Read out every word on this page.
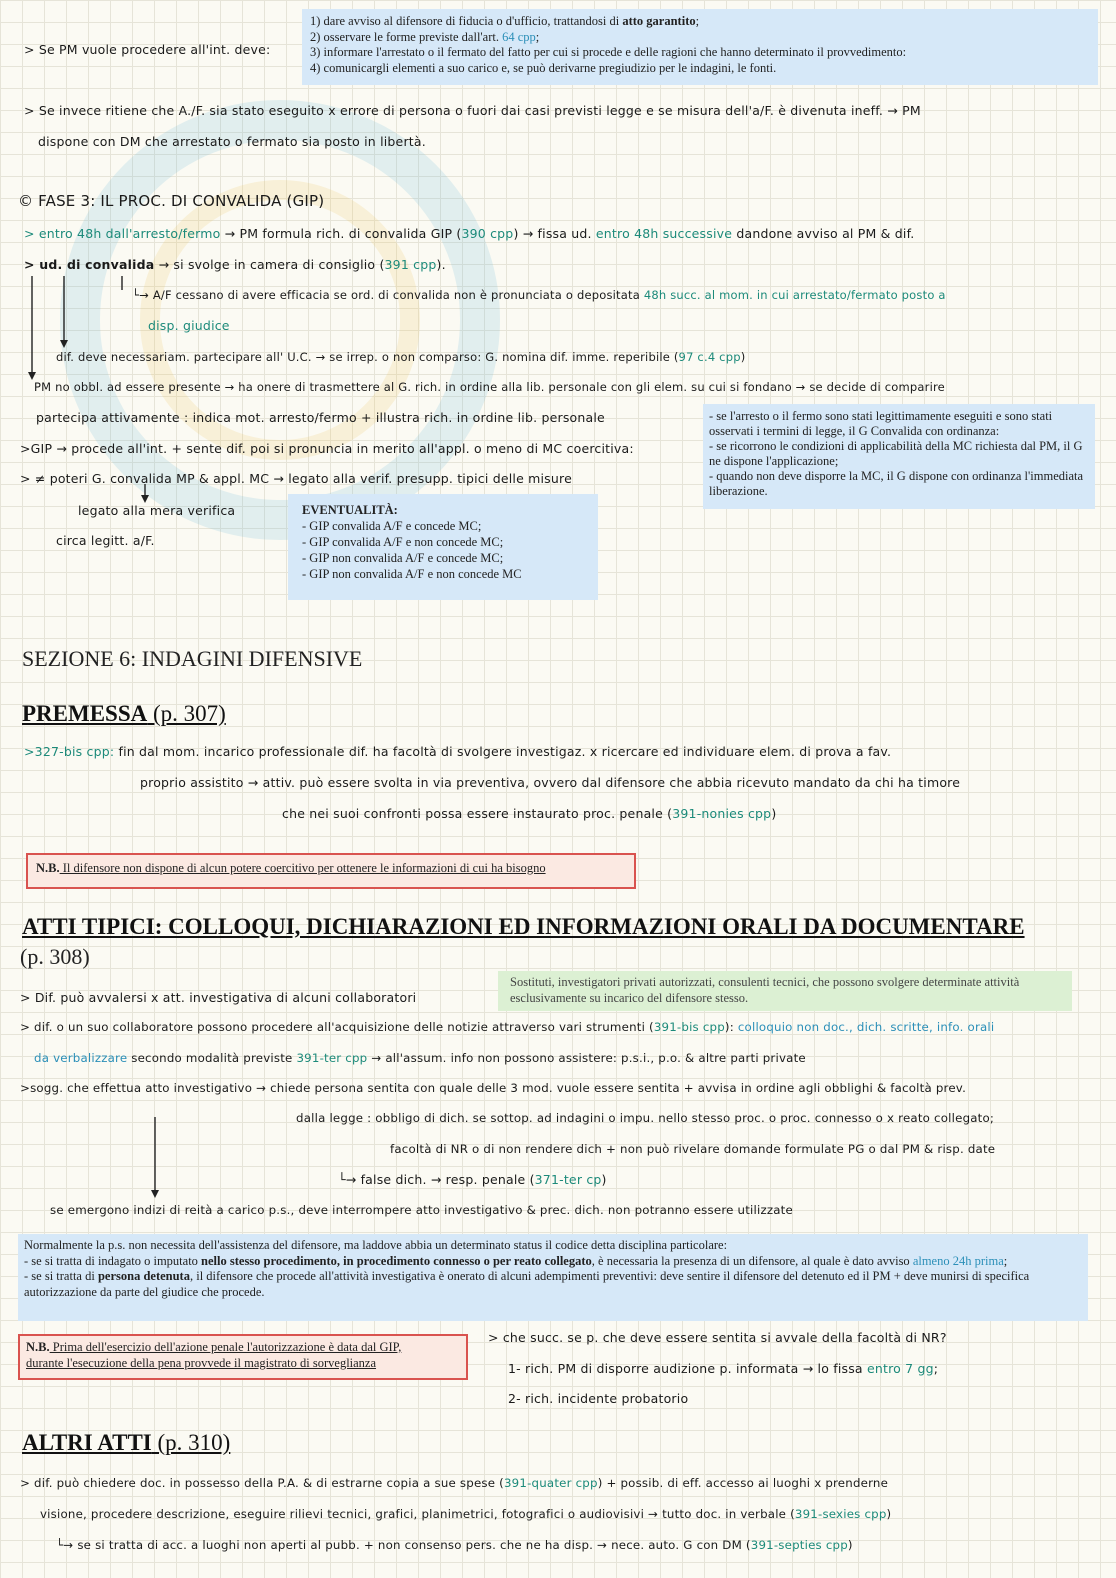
> Se PM vuole procedere all'int. deve:
1) dare avviso al difensore di fiducia o d'ufficio, trattandosi di atto garantito;
2) osservare le forme previste dall'art. 64 cpp;
3) informare l'arrestato o il fermato del fatto per cui si procede e delle ragioni che hanno determinato il provvedimento:
4) comunicargli elementi a suo carico e, se può derivarne pregiudizio per le indagini, le fonti.
> Se invece ritiene che A./F. sia stato eseguito x errore di persona o fuori dai casi previsti legge e se misura dell'a/F. è divenuta ineff. → PM
dispone con DM che arrestato o fermato sia posto in libertà.
© FASE 3: IL PROC. DI CONVALIDA (GIP)
> entro 48h dall'arresto/fermo → PM formula rich. di convalida GIP (390 cpp) → fissa ud. entro 48h successive dandone avviso al PM & dif.
> ud. di convalida → si svolge in camera di consiglio (391 cpp).
└→ A/F cessano di avere efficacia se ord. di convalida non è pronunciata o depositata 48h succ. al mom. in cui arrestato/fermato posto a
disp. giudice
dif. deve necessariam. partecipare all' U.C. → se irrep. o non comparso: G. nomina dif. imme. reperibile (97 c.4 cpp)
PM no obbl. ad essere presente → ha onere di trasmettere al G. rich. in ordine alla lib. personale con gli elem. su cui si fondano → se decide di comparire
partecipa attivamente : indica mot. arresto/fermo + illustra rich. in ordine lib. personale
>GIP → procede all'int. + sente dif. poi si pronuncia in merito all'appl. o meno di MC coercitiva:
> ≠ poteri G. convalida MP & appl. MC → legato alla verif. presupp. tipici delle misure
legato alla mera verifica
circa legitt. a/F.
- se l'arresto o il fermo sono stati legittimamente eseguiti e sono stati osservati i termini di legge, il G Convalida con ordinanza:
- se ricorrono le condizioni di applicabilità della MC richiesta dal PM, il G ne dispone l'applicazione;
- quando non deve disporre la MC, il G dispone con ordinanza l'immediata liberazione.
EVENTUALITÀ:
- GIP convalida A/F e concede MC;
- GIP convalida A/F e non concede MC;
- GIP non convalida A/F e concede MC;
- GIP non convalida A/F e non concede MC
SEZIONE 6: INDAGINI DIFENSIVE
PREMESSA (p. 307)
>327-bis cpp: fin dal mom. incarico professionale dif. ha facoltà di svolgere investigaz. x ricercare ed individuare elem. di prova a fav.
proprio assistito → attiv. può essere svolta in via preventiva, ovvero dal difensore che abbia ricevuto mandato da chi ha timore
che nei suoi confronti possa essere instaurato proc. penale (391-nonies cpp)
N.B. Il difensore non dispone di alcun potere coercitivo per ottenere le informazioni di cui ha bisogno
ATTI TIPICI: COLLOQUI, DICHIARAZIONI ED INFORMAZIONI ORALI DA DOCUMENTARE
(p. 308)
> Dif. può avvalersi x att. investigativa di alcuni collaboratori
Sostituti, investigatori privati autorizzati, consulenti tecnici, che possono svolgere determinate attività esclusivamente su incarico del difensore stesso.
> dif. o un suo collaboratore possono procedere all'acquisizione delle notizie attraverso vari strumenti (391-bis cpp): colloquio non doc., dich. scritte, info. orali
da verbalizzare secondo modalità previste 391-ter cpp → all'assum. info non possono assistere: p.s.i., p.o. & altre parti private
>sogg. che effettua atto investigativo → chiede persona sentita con quale delle 3 mod. vuole essere sentita + avvisa in ordine agli obblighi & facoltà prev.
dalla legge : obbligo di dich. se sottop. ad indagini o impu. nello stesso proc. o proc. connesso o x reato collegato;
facoltà di NR o di non rendere dich + non può rivelare domande formulate PG o dal PM & risp. date
└→ false dich. → resp. penale (371-ter cp)
se emergono indizi di reità a carico p.s., deve interrompere atto investigativo & prec. dich. non potranno essere utilizzate
Normalmente la p.s. non necessita dell'assistenza del difensore, ma laddove abbia un determinato status il codice detta disciplina particolare:
- se si tratta di indagato o imputato nello stesso procedimento, in procedimento connesso o per reato collegato, è necessaria la presenza di un difensore, al quale è dato avviso almeno 24h prima;
- se si tratta di persona detenuta, il difensore che procede all'attività investigativa è onerato di alcuni adempimenti preventivi: deve sentire il difensore del detenuto ed il PM + deve munirsi di specifica autorizzazione da parte del giudice che procede.
N.B. Prima dell'esercizio dell'azione penale l'autorizzazione è data dal GIP,
durante l'esecuzione della pena provvede il magistrato di sorveglianza
> che succ. se p. che deve essere sentita si avvale della facoltà di NR?
1- rich. PM di disporre audizione p. informata → lo fissa entro 7 gg;
2- rich. incidente probatorio
ALTRI ATTI (p. 310)
> dif. può chiedere doc. in possesso della P.A. & di estrarne copia a sue spese (391-quater cpp) + possib. di eff. accesso ai luoghi x prenderne
visione, procedere descrizione, eseguire rilievi tecnici, grafici, planimetrici, fotografici o audiovisivi → tutto doc. in verbale (391-sexies cpp)
└→ se si tratta di acc. a luoghi non aperti al pubb. + non consenso pers. che ne ha disp. → nece. auto. G con DM (391-septies cpp)
